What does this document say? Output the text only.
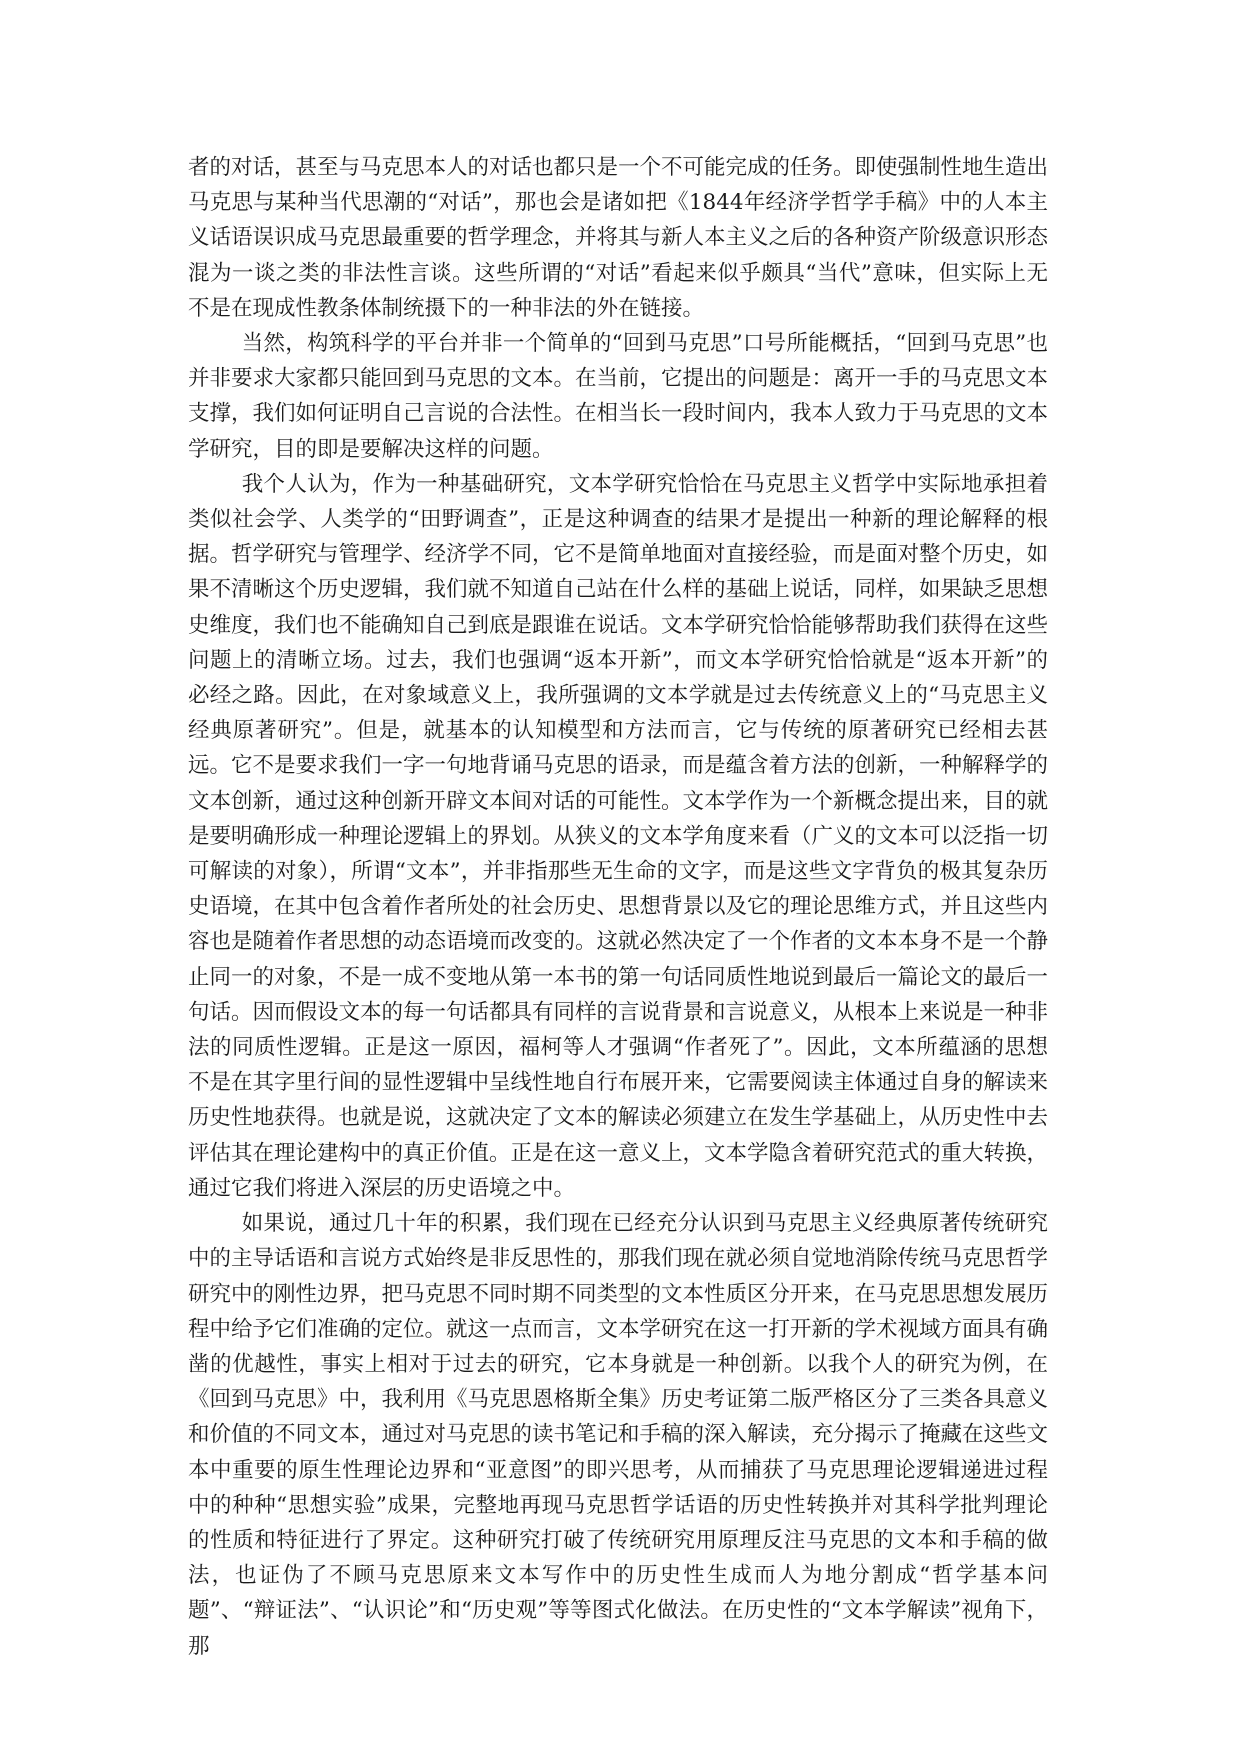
者的对话，甚至与马克思本人的对话也都只是一个不可能完成的任务。即使强制性地生造出马克思与某种当代思潮的“对话”，那也会是诸如把《1844年经济学哲学手稿》中的人本主义话语误识成马克思最重要的哲学理念，并将其与新人本主义之后的各种资产阶级意识形态混为一谈之类的非法性言谈。这些所谓的“对话”看起来似乎颇具“当代”意味，但实际上无不是在现成性教条体制统摄下的一种非法的外在链接。

当然，构筑科学的平台并非一个简单的“回到马克思”口号所能概括，“回到马克思”也并非要求大家都只能回到马克思的文本。在当前，它提出的问题是：离开一手的马克思文本支撑，我们如何证明自己言说的合法性。在相当长一段时间内，我本人致力于马克思的文本学研究，目的即是要解决这样的问题。

我个人认为，作为一种基础研究，文本学研究恰恰在马克思主义哲学中实际地承担着类似社会学、人类学的“田野调查”，正是这种调查的结果才是提出一种新的理论解释的根据。哲学研究与管理学、经济学不同，它不是简单地面对直接经验，而是面对整个历史，如果不清晰这个历史逻辑，我们就不知道自己站在什么样的基础上说话，同样，如果缺乏思想史维度，我们也不能确知自己到底是跟谁在说话。文本学研究恰恰能够帮助我们获得在这些问题上的清晰立场。过去，我们也强调“返本开新”，而文本学研究恰恰就是“返本开新”的必经之路。因此，在对象域意义上，我所强调的文本学就是过去传统意义上的“马克思主义经典原著研究”。但是，就基本的认知模型和方法而言，它与传统的原著研究已经相去甚远。它不是要求我们一字一句地背诵马克思的语录，而是蕴含着方法的创新，一种解释学的文本创新，通过这种创新开辟文本间对话的可能性。文本学作为一个新概念提出来，目的就是要明确形成一种理论逻辑上的界划。从狭义的文本学角度来看（广义的文本可以泛指一切可解读的对象），所谓“文本”，并非指那些无生命的文字，而是这些文字背负的极其复杂历史语境，在其中包含着作者所处的社会历史、思想背景以及它的理论思维方式，并且这些内容也是随着作者思想的动态语境而改变的。这就必然决定了一个作者的文本本身不是一个静止同一的对象，不是一成不变地从第一本书的第一句话同质性地说到最后一篇论文的最后一句话。因而假设文本的每一句话都具有同样的言说背景和言说意义，从根本上来说是一种非法的同质性逻辑。正是这一原因，福柯等人才强调“作者死了”。因此，文本所蕴涵的思想不是在其字里行间的显性逻辑中呈线性地自行布展开来，它需要阅读主体通过自身的解读来历史性地获得。也就是说，这就决定了文本的解读必须建立在发生学基础上，从历史性中去评估其在理论建构中的真正价值。正是在这一意义上，文本学隐含着研究范式的重大转换，通过它我们将进入深层的历史语境之中。

如果说，通过几十年的积累，我们现在已经充分认识到马克思主义经典原著传统研究中的主导话语和言说方式始终是非反思性的，那我们现在就必须自觉地消除传统马克思哲学研究中的刚性边界，把马克思不同时期不同类型的文本性质区分开来，在马克思思想发展历程中给予它们准确的定位。就这一点而言，文本学研究在这一打开新的学术视域方面具有确凿的优越性，事实上相对于过去的研究，它本身就是一种创新。以我个人的研究为例，在《回到马克思》中，我利用《马克思恩格斯全集》历史考证第二版严格区分了三类各具意义和价值的不同文本，通过对马克思的读书笔记和手稿的深入解读，充分揭示了掩藏在这些文本中重要的原生性理论边界和“亚意图”的即兴思考，从而捕获了马克思理论逻辑递进过程中的种种“思想实验”成果，完整地再现马克思哲学话语的历史性转换并对其科学批判理论的性质和特征进行了界定。这种研究打破了传统研究用原理反注马克思的文本和手稿的做法，也证伪了不顾马克思原来文本写作中的历史性生成而人为地分割成“哲学基本问题”、“辩证法”、“认识论”和“历史观”等等图式化做法。在历史性的“文本学解读”视角下，那
